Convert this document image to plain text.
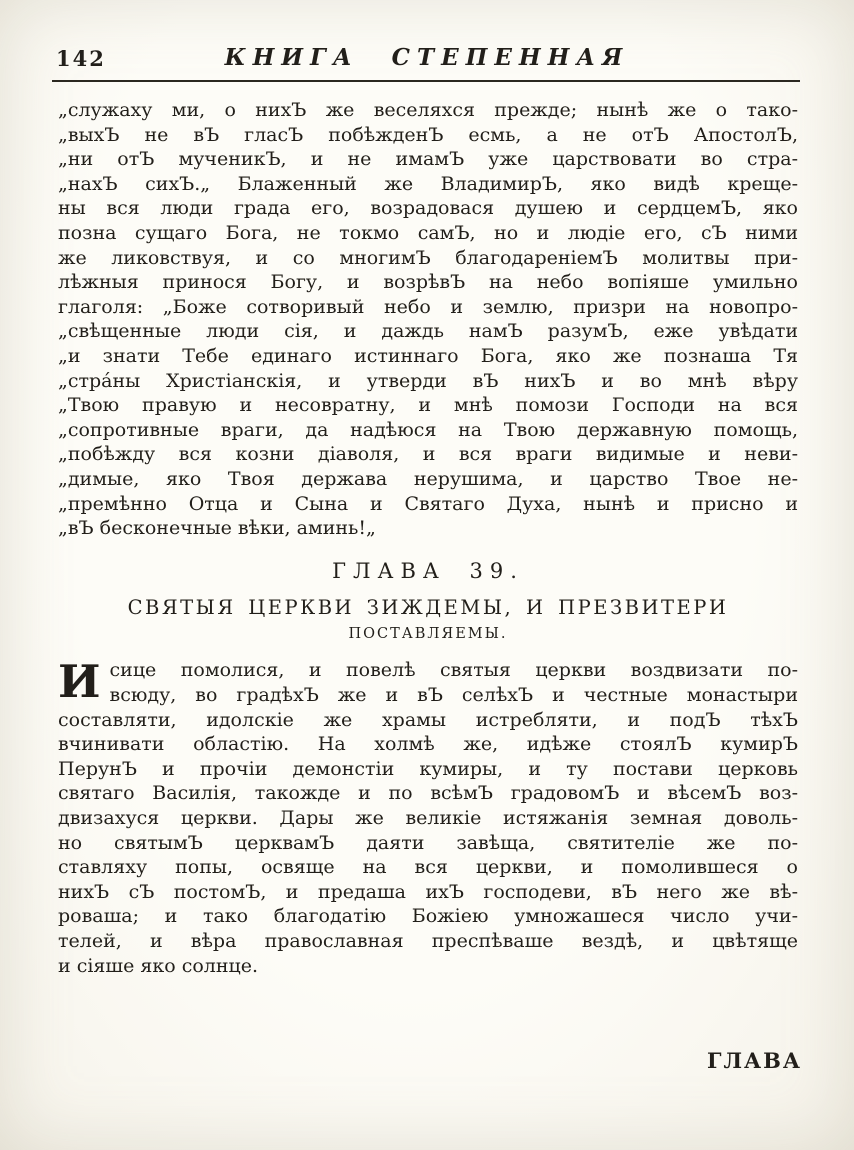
142	КНИГА СТЕПЕННАЯ
„служаху ми, о нихЪ же веселяхся прежде; нынѣ же о тако-
„выхЪ не вЪ гласЪ побѣжденЪ есмь, а не отЪ АпостолЪ,
„ни отЪ мученикЪ, и не имамЪ уже царствовати во стра-
„нахЪ сихЪ.„ Блаженный же ВладимирЪ, яко видѣ креще-
ны вся люди града его, возрадовася душею и сердцемЪ, яко
позна сущаго Бога, не токмо самЪ, но и людіе его, сЪ ними
же ликовствуя, и со многимЪ благодареніемЪ молитвы при-
лѣжныя принося Богу, и возрѣвЪ на небо вопіяше умильно
глаголя: „Боже сотворивый небо и землю, призри на новопро-
„свѣщенные люди сія, и даждь намЪ разумЪ, еже увѣдати
„и знати Тебе единаго истиннаго Бога, яко же познаша Тя
„стра́ны Христіанскія, и утверди вЪ нихЪ и во мнѣ вѣру
„Твою правую и несовратну, и мнѣ помози Господи на вся
„сопротивные враги, да надѣюся на Твою державную помощь,
„побѣжду вся козни діаволя, и вся враги видимые и неви-
„димые, яко Твоя держава нерушима, и царство Твое не-
„премѣнно Отца и Сына и Святаго Духа, нынѣ и присно и
„вЪ бесконечные вѣки, аминь!„
ГЛАВА 39.
СВЯТЫЯ ЦЕРКВИ ЗИЖДЕМЫ, И ПРЕЗВИТЕРИ
ПОСТАВЛЯЕМЫ.
И сице помолися, и повелѣ святыя церкви воздвизати по-
всюду, во градѣхЪ же и вЪ селѣхЪ и честные монастыри
составляти, идолскіе же храмы истребляти, и подЪ тѣхЪ
вчинивати областію. На холмѣ же, идѣже стоялЪ кумирЪ
ПерунЪ и прочіи демонстіи кумиры, и ту постави церковь
святаго Василія, такожде и по всѣмЪ градовомЪ и вѣсемЪ воз-
двизахуся церкви. Дары же великіе истяжанія земная доволь-
но святымЪ церквамЪ даяти завѣща, святителіе же по-
ставляху попы, освяще на вся церкви, и помолившеся о
нихЪ сЪ постомЪ, и предаша ихЪ господеви, вЪ него же вѣ-
роваша; и тако благодатію Божіею умножашеся число учи-
телей, и вѣра православная преспѣваше вездѣ, и цвѣтяще
и сіяше яко солнце.
ГЛАВА
